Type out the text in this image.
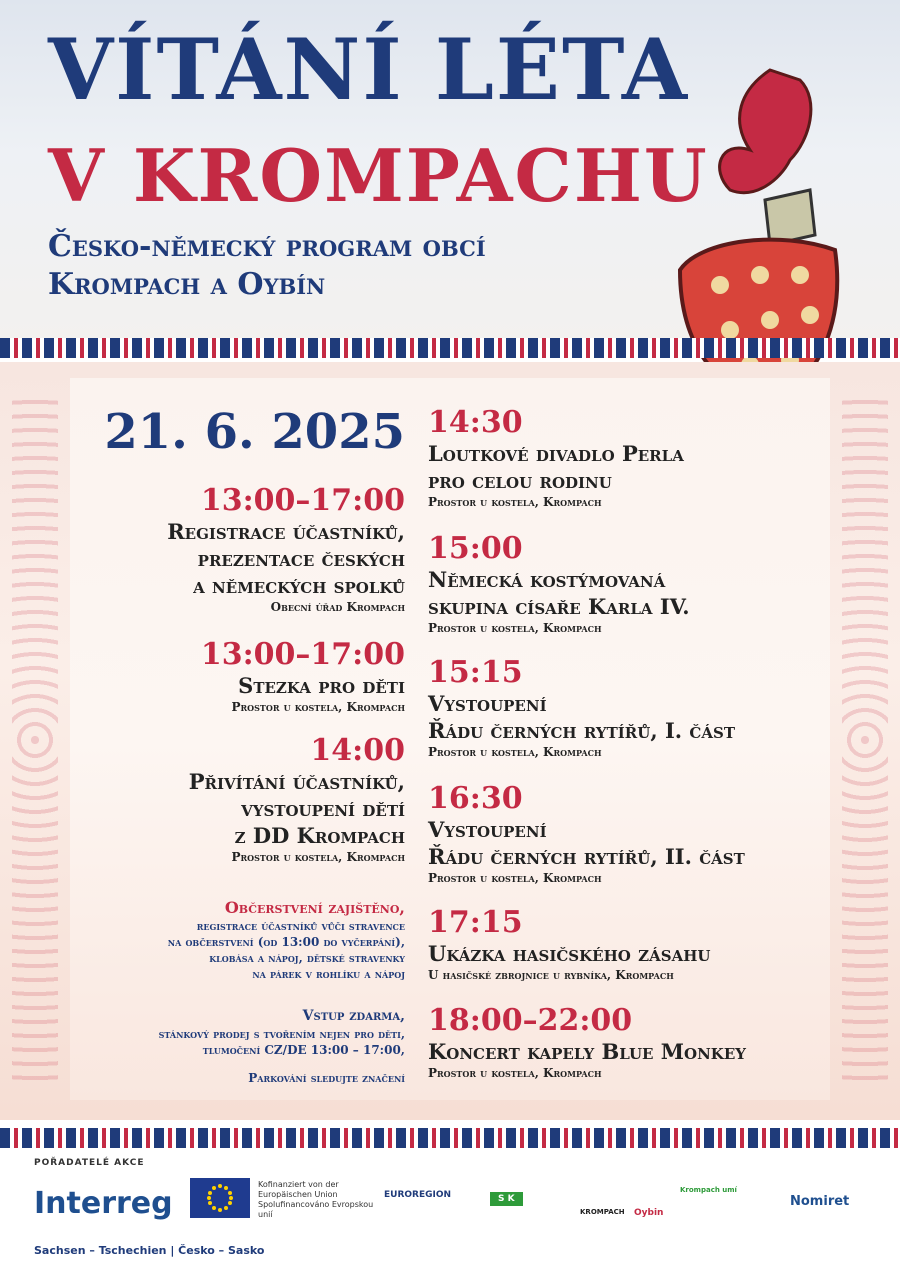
VÍTÁNÍ LÉTA
V KROMPACHU
Česko-německý program obcí
Krompach a Oybín
21. 6. 2025
13:00–17:00
Registrace účastníků,
prezentace českých
a německých spolků
Obecní úřad Krompach
13:00–17:00
Stezka pro děti
Prostor u kostela, Krompach
14:00
Přivítání účastníků,
vystoupení dětí
z DD Krompach
Prostor u kostela, Krompach
Občerstvení zajištěno,
registrace účastníků vůči stravence
na občerstvení (od 13:00 do vyčerpání),
klobása a nápoj, dětské stravenky
na párek v rohlíku a nápoj
Vstup zdarma,
stánkový prodej s tvořením nejen pro děti,
tlumočení CZ/DE 13:00 – 17:00,
Parkování sledujte značení
14:30
Loutkové divadlo Perla
pro celou rodinu
Prostor u kostela, Krompach
15:00
Německá kostýmovaná
skupina císaře Karla IV.
Prostor u kostela, Krompach
15:15
Vystoupení
Řádu černých rytířů, I. část
Prostor u kostela, Krompach
16:30
Vystoupení
Řádu černých rytířů, II. část
Prostor u kostela, Krompach
17:15
Ukázka hasičského zásahu
U hasičské zbrojnice u rybníka, Krompach
18:00–22:00
Koncert kapely Blue Monkey
Prostor u kostela, Krompach
POŘADATELÉ AKCE
Interreg
Kofinanziert von der Europäischen Union Spolufinancováno Evropskou unií
Sachsen – Tschechien | Česko – Sasko
EUROREGION	S K
KROMPACH Oybin
Krompach umí
Nomiret
